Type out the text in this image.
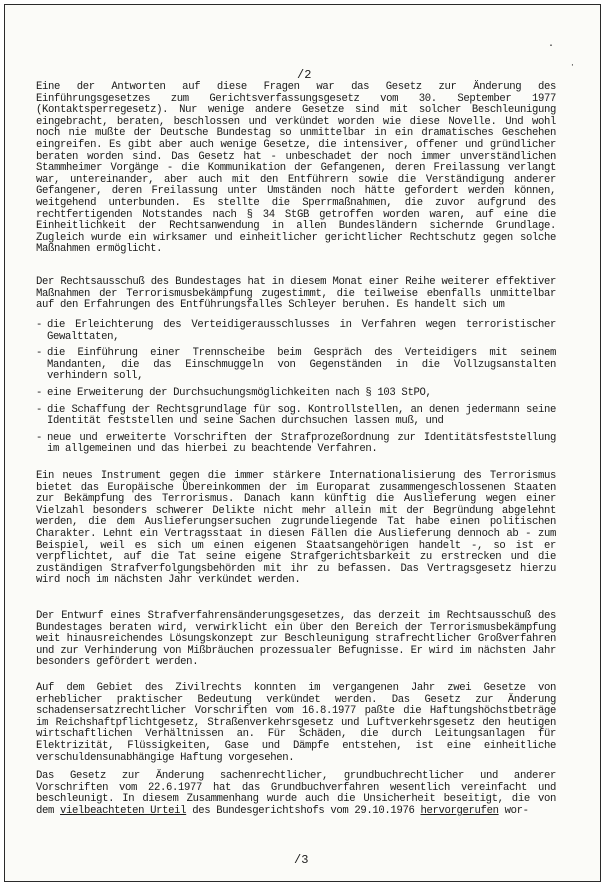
·
·
/2

Eine der Antworten auf diese Fragen war das Gesetz zur Änderung des Einführungsgesetzes zum Gerichtsverfassungsgesetz vom 30. September 1977 (Kontaktsperregesetz). Nur wenige andere Gesetze sind mit solcher Beschleunigung eingebracht, beraten, beschlossen und verkündet worden wie diese Novelle. Und wohl noch nie mußte der Deutsche Bundestag so unmittelbar in ein dramatisches Geschehen eingreifen. Es gibt aber auch wenige Gesetze, die intensiver, offener und gründlicher beraten worden sind. Das Gesetz hat - unbeschadet der noch immer unverständlichen Stammheimer Vorgänge - die Kommunikation der Gefangenen, deren Freilassung verlangt war, untereinander, aber auch mit den Entführern sowie die Verständigung anderer Gefangener, deren Freilassung unter Umständen noch hätte gefordert werden können, weitgehend unterbunden. Es stellte die Sperrmaßnahmen, die zuvor aufgrund des rechtfertigenden Notstandes nach § 34 StGB getroffen worden waren, auf eine die Einheitlichkeit der Rechtsanwendung in allen Bundesländern sichernde Grundlage. Zugleich wurde ein wirksamer und einheitlicher gerichtlicher Rechtschutz gegen solche Maßnahmen ermöglicht.

Der Rechtsausschuß des Bundestages hat in diesem Monat einer Reihe weiterer effektiver Maßnahmen der Terrorismusbekämpfung zugestimmt, die teilweise ebenfalls unmittelbar auf den Erfahrungen des Entführungsfalles Schleyer beruhen. Es handelt sich um

- die Erleichterung des Verteidigerausschlusses in Verfahren wegen terroristischer Gewalttaten,
- die Einführung einer Trennscheibe beim Gespräch des Verteidigers mit seinem Mandanten, die das Einschmuggeln von Gegenständen in die Vollzugsanstalten verhindern soll,
- eine Erweiterung der Durchsuchungsmöglichkeiten nach § 103 StPO,
- die Schaffung der Rechtsgrundlage für sog. Kontrollstellen, an denen jedermann seine Identität feststellen und seine Sachen durchsuchen lassen muß, und
- neue und erweiterte Vorschriften der Strafprozeßordnung zur Identitätsfeststellung im allgemeinen und das hierbei zu beachtende Verfahren.

Ein neues Instrument gegen die immer stärkere Internationalisierung des Terrorismus bietet das Europäische Übereinkommen der im Europarat zusammengeschlossenen Staaten zur Bekämpfung des Terrorismus. Danach kann künftig die Auslieferung wegen einer Vielzahl besonders schwerer Delikte nicht mehr allein mit der Begründung abgelehnt werden, die dem Auslieferungsersuchen zugrundeliegende Tat habe einen politischen Charakter. Lehnt ein Vertragsstaat in diesen Fällen die Auslieferung dennoch ab - zum Beispiel, weil es sich um einen eigenen Staatsangehörigen handelt -, so ist er verpflichtet, auf die Tat seine eigene Strafgerichtsbarkeit zu erstrecken und die zuständigen Strafverfolgungsbehörden mit ihr zu befassen. Das Vertragsgesetz hierzu wird noch im nächsten Jahr verkündet werden.

Der Entwurf eines Strafverfahrensänderungsgesetzes, das derzeit im Rechtsausschuß des Bundestages beraten wird, verwirklicht ein über den Bereich der Terrorismusbekämpfung weit hinausreichendes Lösungskonzept zur Beschleunigung strafrechtlicher Großverfahren und zur Verhinderung von Mißbräuchen prozessualer Befugnisse. Er wird im nächsten Jahr besonders gefördert werden.

Auf dem Gebiet des Zivilrechts konnten im vergangenen Jahr zwei Gesetze von erheblicher praktischer Bedeutung verkündet werden. Das Gesetz zur Änderung schadensersatzrechtlicher Vorschriften vom 16.8.1977 paßte die Haftungshöchstbeträge im Reichshaftpflichtgesetz, Straßenverkehrsgesetz und Luftverkehrsgesetz den heutigen wirtschaftlichen Verhältnissen an. Für Schäden, die durch Leitungsanlagen für Elektrizität, Flüssigkeiten, Gase und Dämpfe entstehen, ist eine einheitliche verschuldensunabhängige Haftung vorgesehen.

Das Gesetz zur Änderung sachenrechtlicher, grundbuchrechtlicher und anderer Vorschriften vom 22.6.1977 hat das Grundbuchverfahren wesentlich vereinfacht und beschleunigt. In diesem Zusammenhang wurde auch die Unsicherheit beseitigt, die von dem vielbeachteten Urteil des Bundesgerichtshofs vom 29.10.1976 hervorgerufen wor-

/3
